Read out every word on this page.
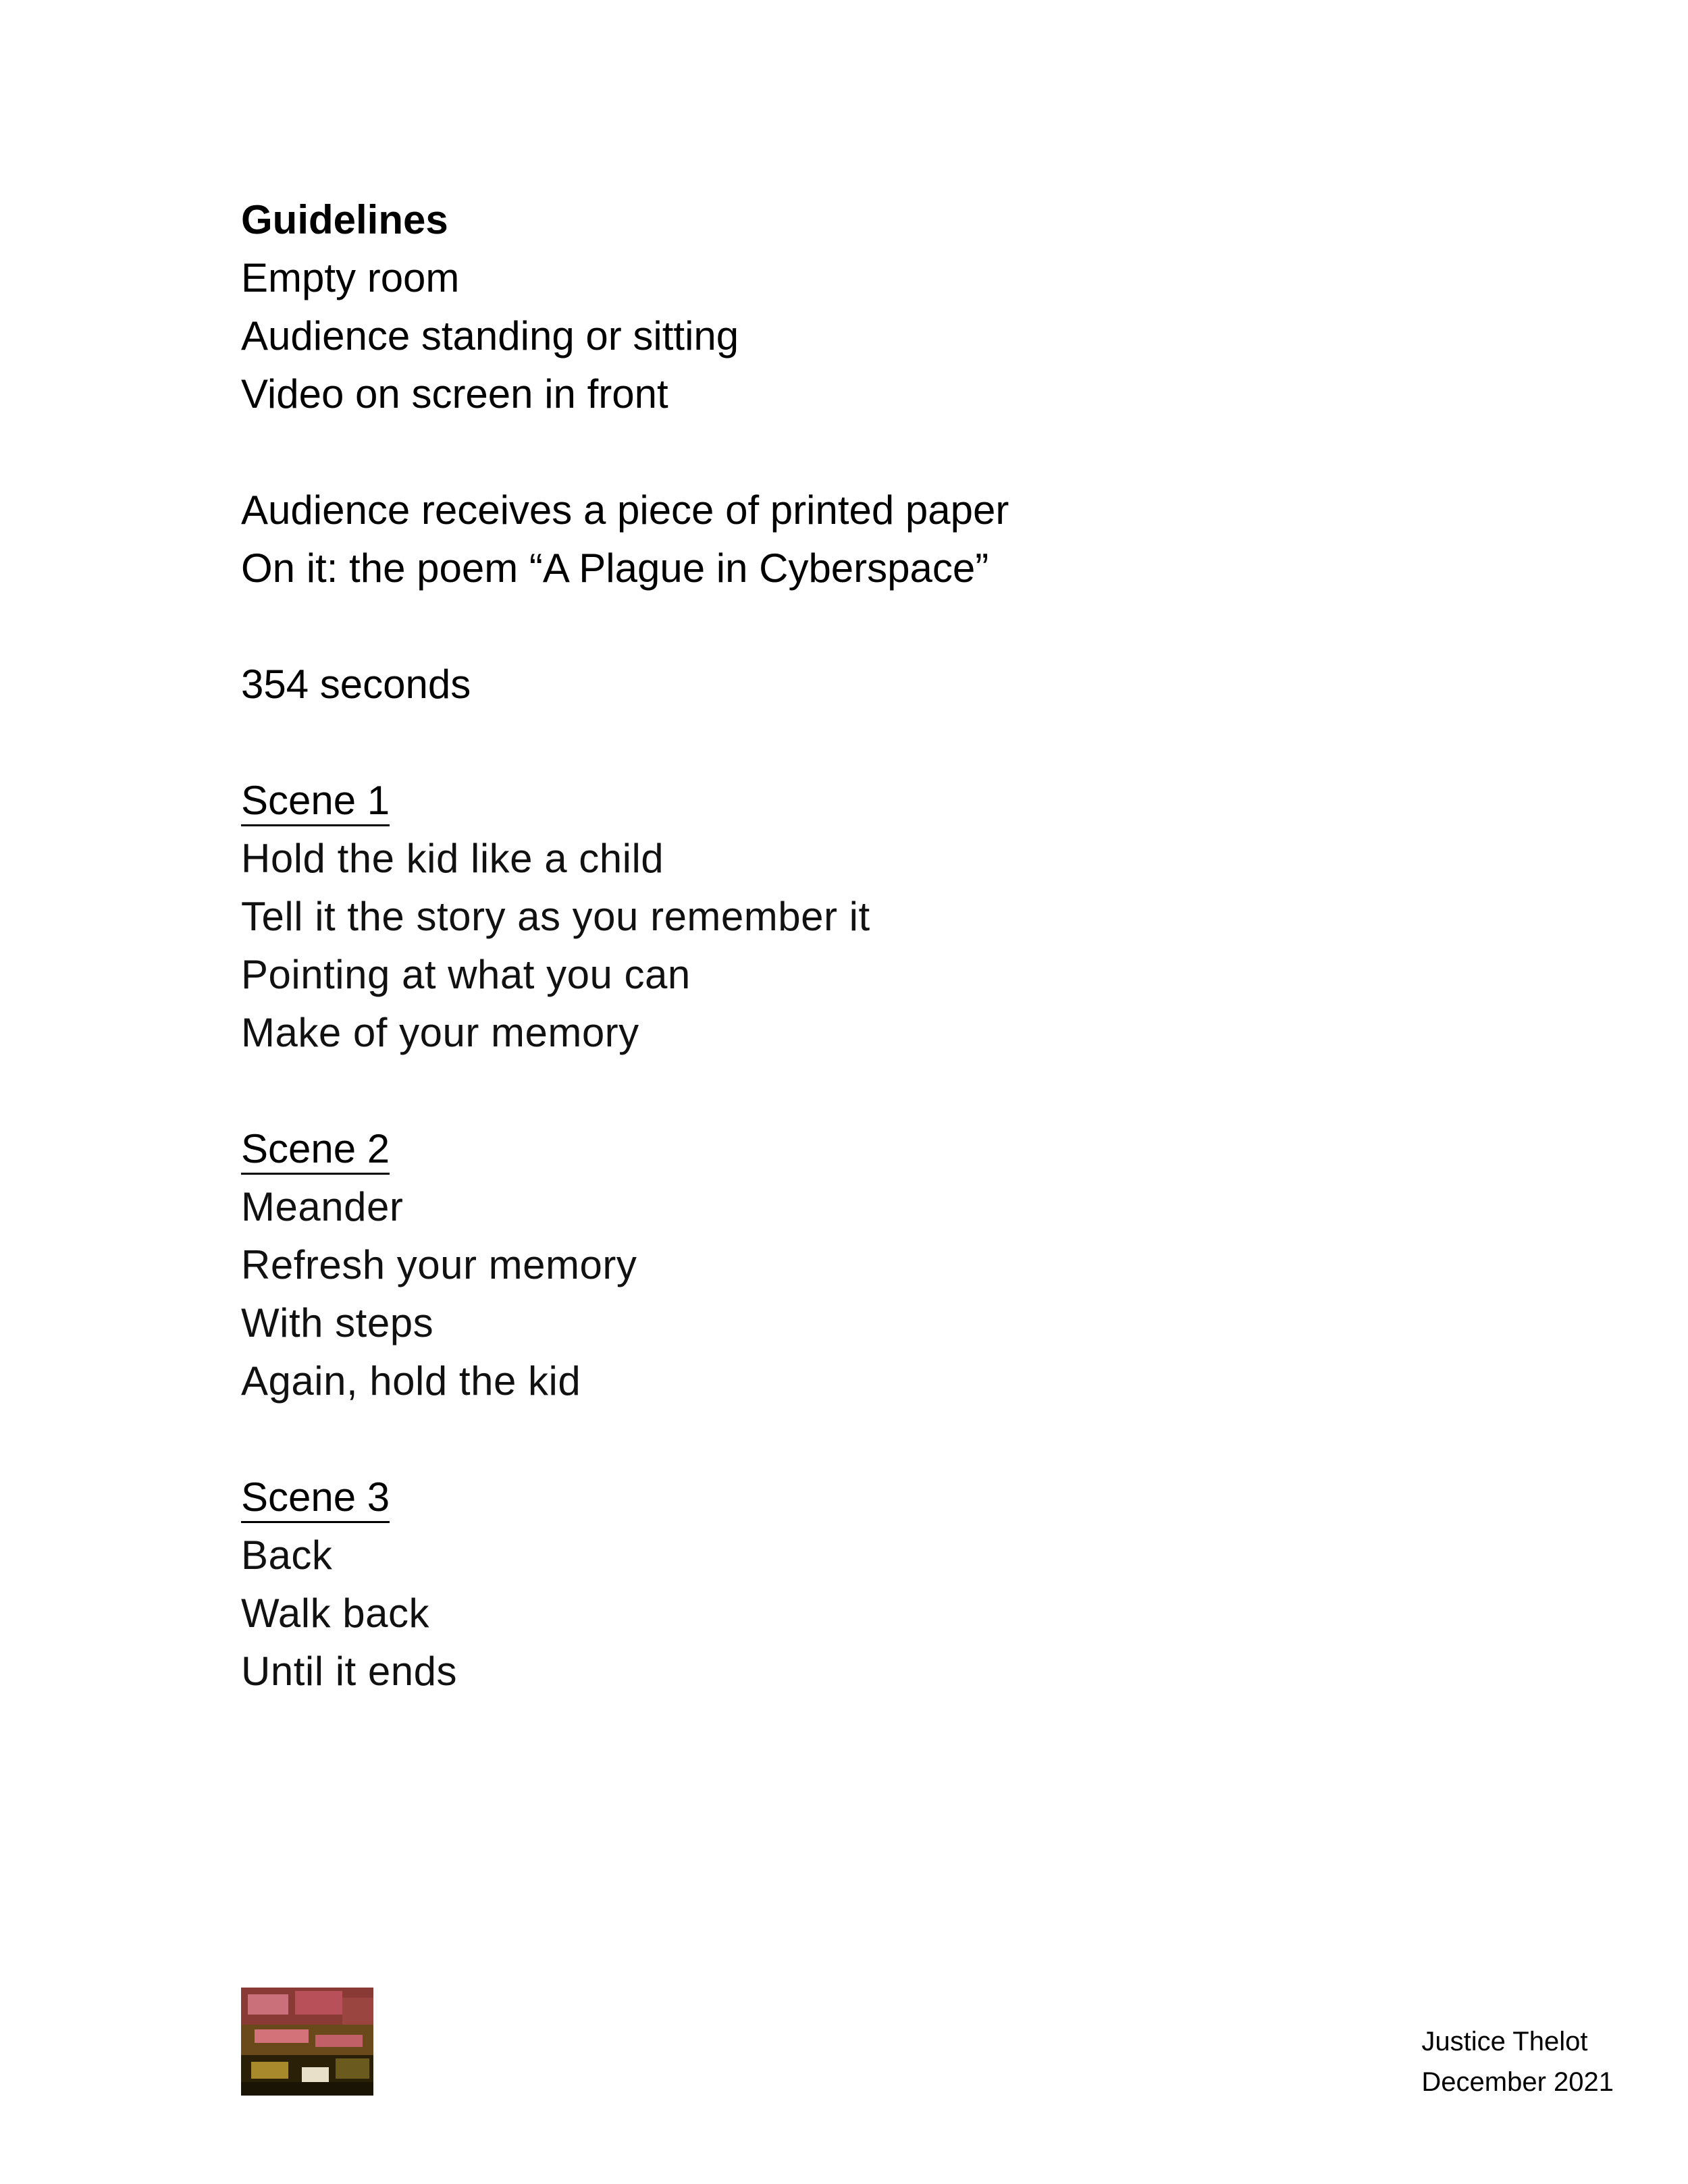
Guidelines
Empty room
Audience standing or sitting
Video on screen in front
Audience receives a piece of printed paper
On it: the poem “A Plague in Cyberspace”
354 seconds
Scene 1
Hold the kid like a child
Tell it the story as you remember it
Pointing at what you can
Make of your memory
Scene 2
Meander
Refresh your memory
With steps
Again, hold the kid
Scene 3
Back
Walk back
Until it ends
Justice Thelot
December 2021
